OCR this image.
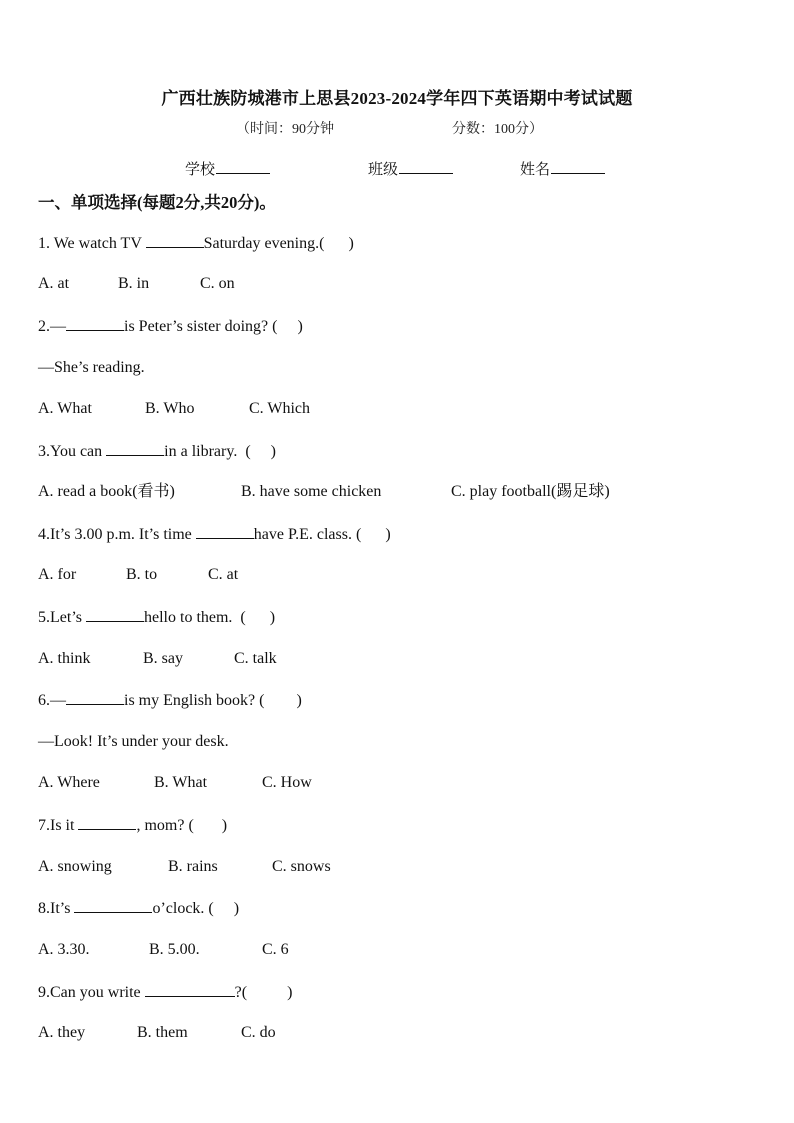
广西壮族防城港市上思县2023-2024学年四下英语期中考试试题
（时间：90分钟	分数：100分）
学校	班级	姓名
一、单项选择(每题2分,共20分)。
1. We watch TV	Saturday evening.(      )
A. at	B. in	C. on
2.—	is Peter’s sister doing? (     )
—She’s reading.
A. What	B. Who	C. Which
3.You can	in a library.  (     )
A. read a book(看书)	B. have some chicken	C. play football(踢足球)
4.It’s 3.00 p.m. It’s time	have P.E. class. (      )
A. for	B. to	C. at
5.Let’s	hello to them.  (      )
A. think	B. say	C. talk
6.—	is my English book? (        )
—Look! It’s under your desk.
A. Where	B. What	C. How
7.Is it	, mom? (       )
A. snowing	B. rains	C. snows
8.It’s	o’clock. (     )
A. 3.30.	B. 5.00.	C. 6
9.Can you write	?(          )
A. they	B. them	C. do
